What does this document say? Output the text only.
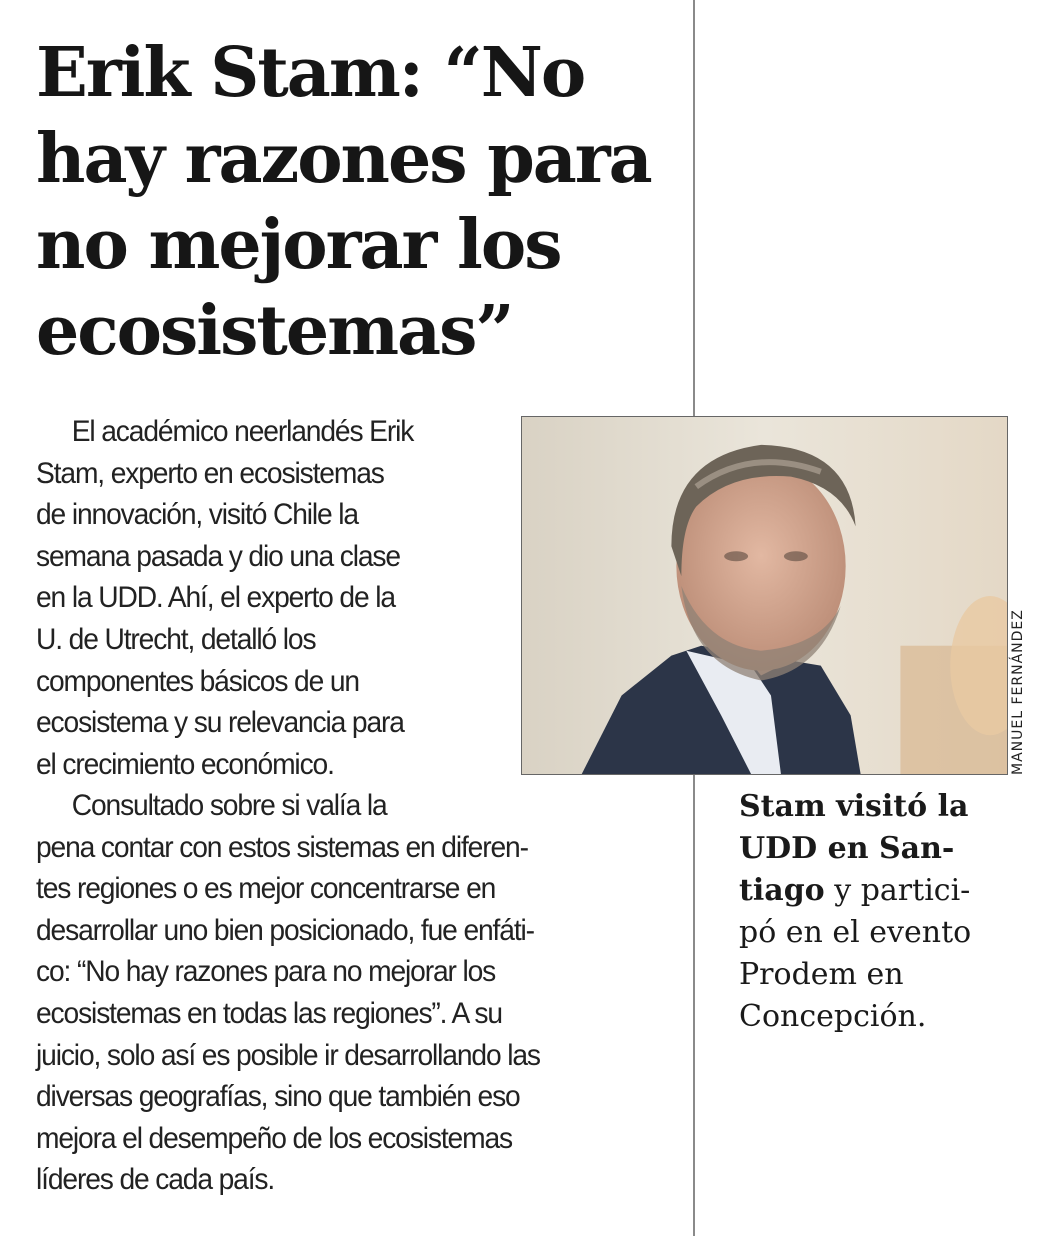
Erik Stam: “No
hay razones para
no mejorar los
ecosistemas”
MANUEL FERNÁNDEZ

Stam visitó la
UDD en San-
tiago y partici-
pó en el evento
Prodem en
Concepción.

El académico neerlandés Erik
Stam, experto en ecosistemas
de innovación, visitó Chile la
semana pasada y dio una clase
en la UDD. Ahí, el experto de la
U. de Utrecht, detalló los
componentes básicos de un
ecosistema y su relevancia para
el crecimiento económico.

Consultado sobre si valía la
pena contar con estos sistemas en diferen-
tes regiones o es mejor concentrarse en
desarrollar uno bien posicionado, fue enfáti-
co: “No hay razones para no mejorar los
ecosistemas en todas las regiones”. A su
juicio, solo así es posible ir desarrollando las
diversas geografías, sino que también eso
mejora el desempeño de los ecosistemas
líderes de cada país.
